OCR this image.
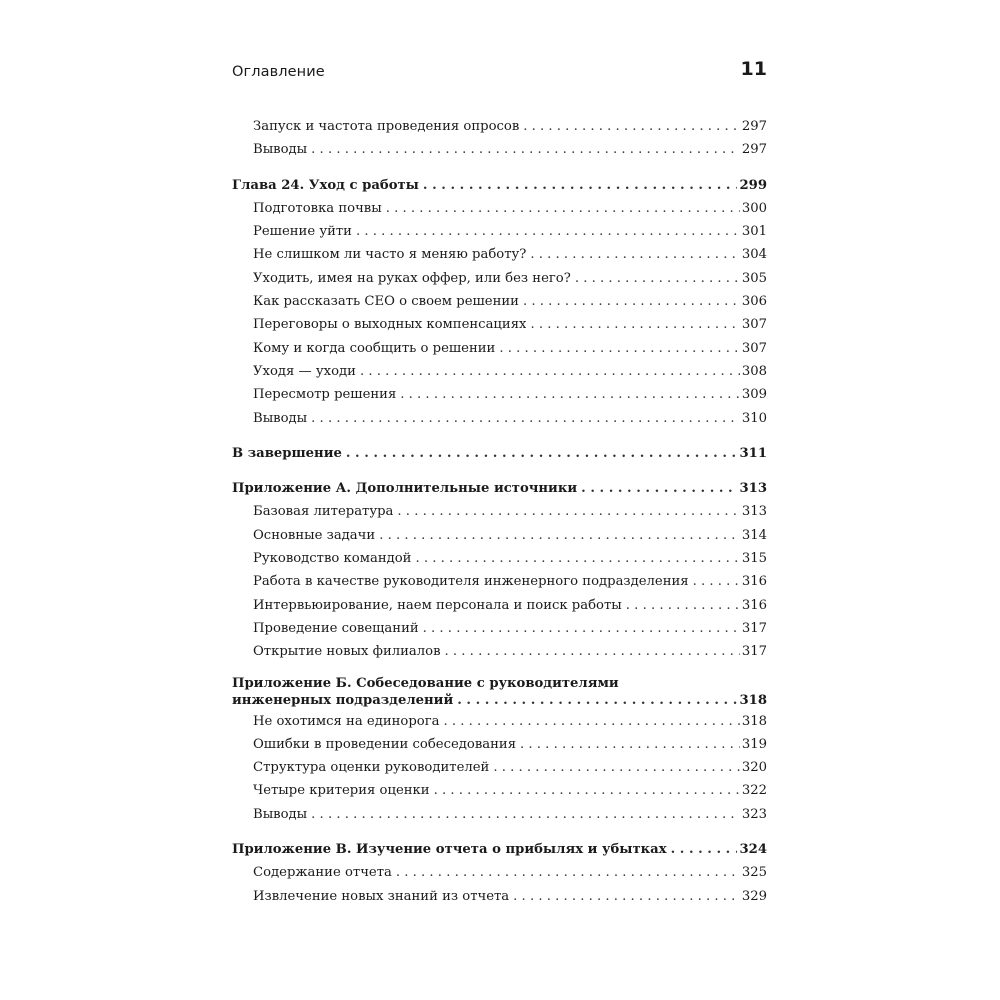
Оглавление	11
Запуск и частота проведения опросов . . .	297
Выводы . . .	297
Глава 24. Уход с работы . . .	299
Подготовка почвы . . .	300
Решение уйти . . .	301
Не слишком ли часто я меняю работу? . . .	304
Уходить, имея на руках оффер, или без него? . . .	305
Как рассказать CEO о своем решении . . .	306
Переговоры о выходных компенсациях . . .	307
Кому и когда сообщить о решении . . .	307
Уходя — уходи . . .	308
Пересмотр решения . . .	309
Выводы . . .	310
В завершение . . .	311
Приложение А. Дополнительные источники . . .	313
Базовая литература . . .	313
Основные задачи . . .	314
Руководство командой . . .	315
Работа в качестве руководителя инженерного подразделения . . .	316
Интервьюирование, наем персонала и поиск работы . . .	316
Проведение совещаний . . .	317
Открытие новых филиалов . . .	317
Приложение Б. Собеседование с руководителями
инженерных подразделений . . .	318
Не охотимся на единорога . . .	318
Ошибки в проведении собеседования . . .	319
Структура оценки руководителей . . .	320
Четыре критерия оценки . . .	322
Выводы . . .	323
Приложение В. Изучение отчета о прибылях и убытках . . .	324
Содержание отчета . . .	325
Извлечение новых знаний из отчета . . .	329
